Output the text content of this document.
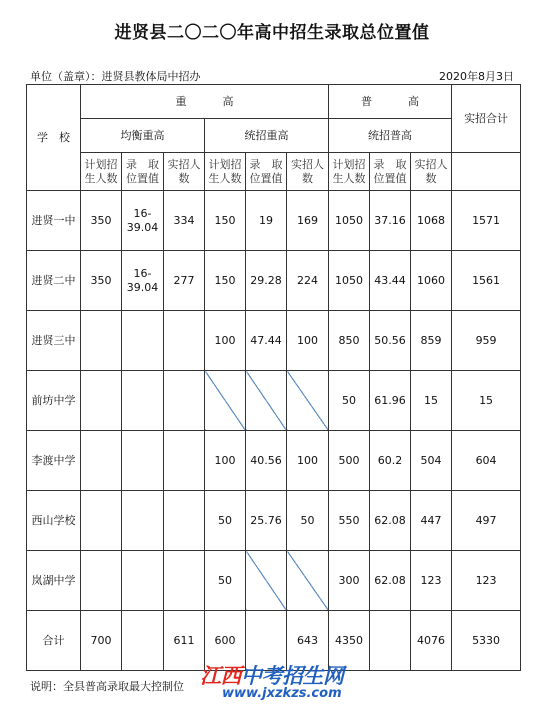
进贤县二〇二〇年高中招生录取总位置值
单位（盖章）：进贤县教体局中招办	2020年8月3日
学　校	重 高						普 高			实招合计
	均衡重高			统招重高			统招普高			
	计划招生人数	录　取位置值	实招人数	计划招生人数	录　取位置值	实招人数	计划招生人数	录　取位置值	实招人数	
进贤一中	350	16-39.04	334	150	19	169	1050	37.16	1068	1571
进贤二中	350	16-39.04	277	150	29.28	224	1050	43.44	1060	1561
进贤三中				100	47.44	100	850	50.56	859	959
前坊中学							50	61.96	15	15
李渡中学				100	40.56	100	500	60.2	504	604
西山学校				50	25.76	50	550	62.08	447	497
岚湖中学				50			300	62.08	123	123
合计	700		611	600		643	4350		4076	5330
说明：全县普高录取最大控制位 江西中考招生网
www.jxzkzs.com
